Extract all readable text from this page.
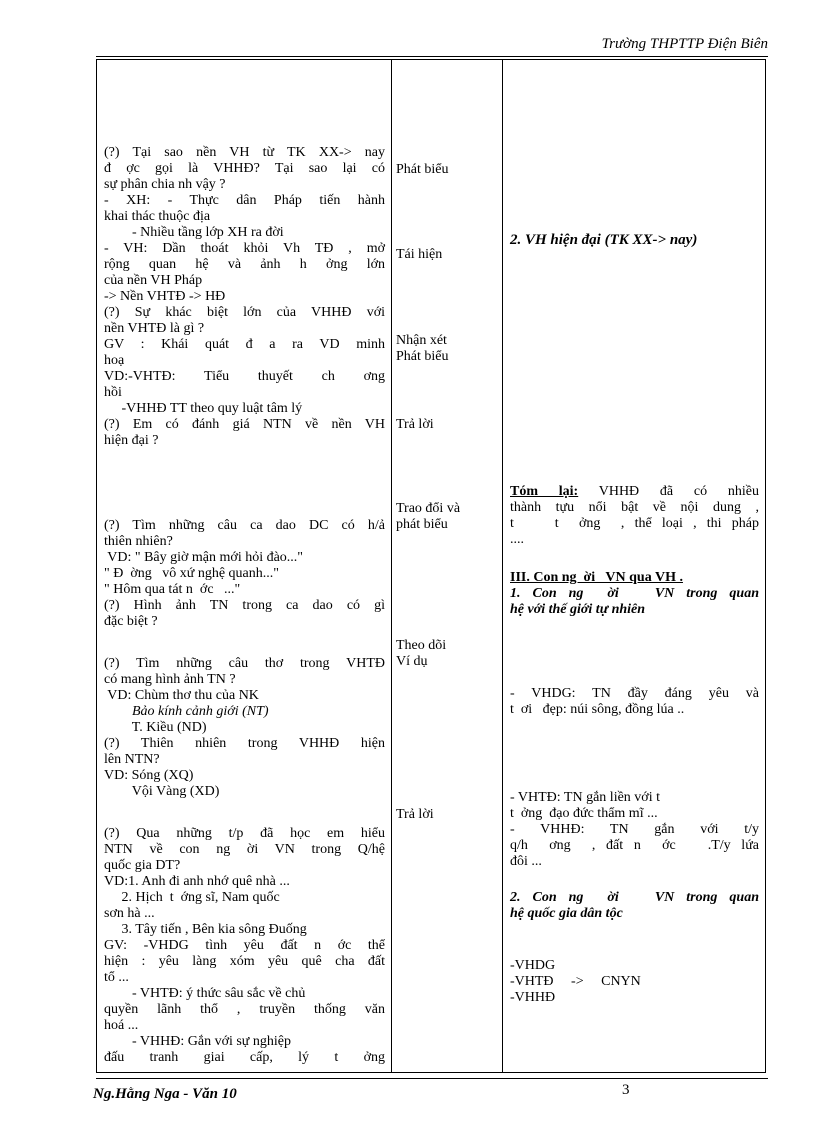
Trường THPTTP Điện Biên
(?) Tại sao nền VH từ TK XX-> nay
đ ợc gọi là VHHĐ? Tại sao lại có
sự phân chia nh vậy ?
- XH: - Thực dân Pháp tiến hành
khai thác thuộc địa
- Nhiều tầng lớp XH ra đời
- VH: Dần thoát khỏi Vh TĐ , mở
rộng quan hệ và ảnh h ởng lớn
của nền VH Pháp
-> Nền VHTĐ -> HĐ
(?) Sự khác biệt lớn của VHHĐ với
nền VHTĐ là gì ?
GV : Khái quát đ a ra VD minh
hoạ
VD:-VHTĐ: Tiểu thuyết ch ơng
hồi
-VHHĐ TT theo quy luật tâm lý
(?) Em có đánh giá NTN về nền VH
hiện đại ?
(?) Tìm những câu ca dao DC có h/ả
thiên nhiên?
VD: " Bây giờ mận mới hỏi đào..."
" Đ  ờng   vô xứ nghệ quanh..."
" Hôm qua tát n  ớc   ..."
(?) Hình ảnh TN trong ca dao có gì
đặc biệt ?
(?) Tìm những câu thơ trong VHTĐ
có mang hình ảnh TN ?
VD: Chùm thơ thu của NK
Bảo kính cảnh giới (NT)
T. Kiều (ND)
(?) Thiên nhiên trong VHHĐ hiện
lên NTN?
VD: Sóng (XQ)
Vội Vàng (XD)
(?) Qua những t/p đã học em hiểu
NTN về con ng ời VN trong Q/hệ
quốc gia DT?
VD:1. Anh đi anh nhớ quê nhà ...
2. Hịch  t  ớng sĩ, Nam quốc
sơn hà ...
3. Tây tiến , Bên kia sông Đuống
GV: -VHDG tình yêu đất n ớc thể
hiện : yêu làng xóm yêu quê cha đất
tổ ...
- VHTĐ: ý thức sâu sắc về chủ
quyền lãnh thổ , truyền thống văn
hoá ...
- VHHĐ: Gắn với sự nghiệp
đấu tranh giai cấp, lý t ởng
Phát biểu
Tái hiện
Nhận xét
Phát biểu
Trả lời
Trao đổi và
phát biểu
Theo dõi
Ví dụ
Trả lời
2. VH hiện đại (TK XX-> nay)
Tóm lại: VHHĐ đã có nhiều
thành tựu nổi bật về nội dung ,
t    t  ởng  , thể loại , thi pháp
....
III. Con ng  ời   VN qua VH .
1. Con ng  ời   VN trong quan
hệ với thế giới tự nhiên
- VHDG: TN đầy đáng yêu và
t  ơi   đẹp: núi sông, đồng lúa ..
- VHTĐ: TN gắn liền với t
t  ởng  đạo đức thẩm mĩ ...
-  VHHĐ:  TN  gắn  với  t/y
q/h  ơng  , đất n  ớc   .T/y lứa
đôi ...
2. Con ng  ời   VN trong quan
hệ quốc gia dân tộc
-VHDG
-VHTĐ     ->     CNYN
-VHHĐ
Ng.Hằng Nga - Văn 10	3
